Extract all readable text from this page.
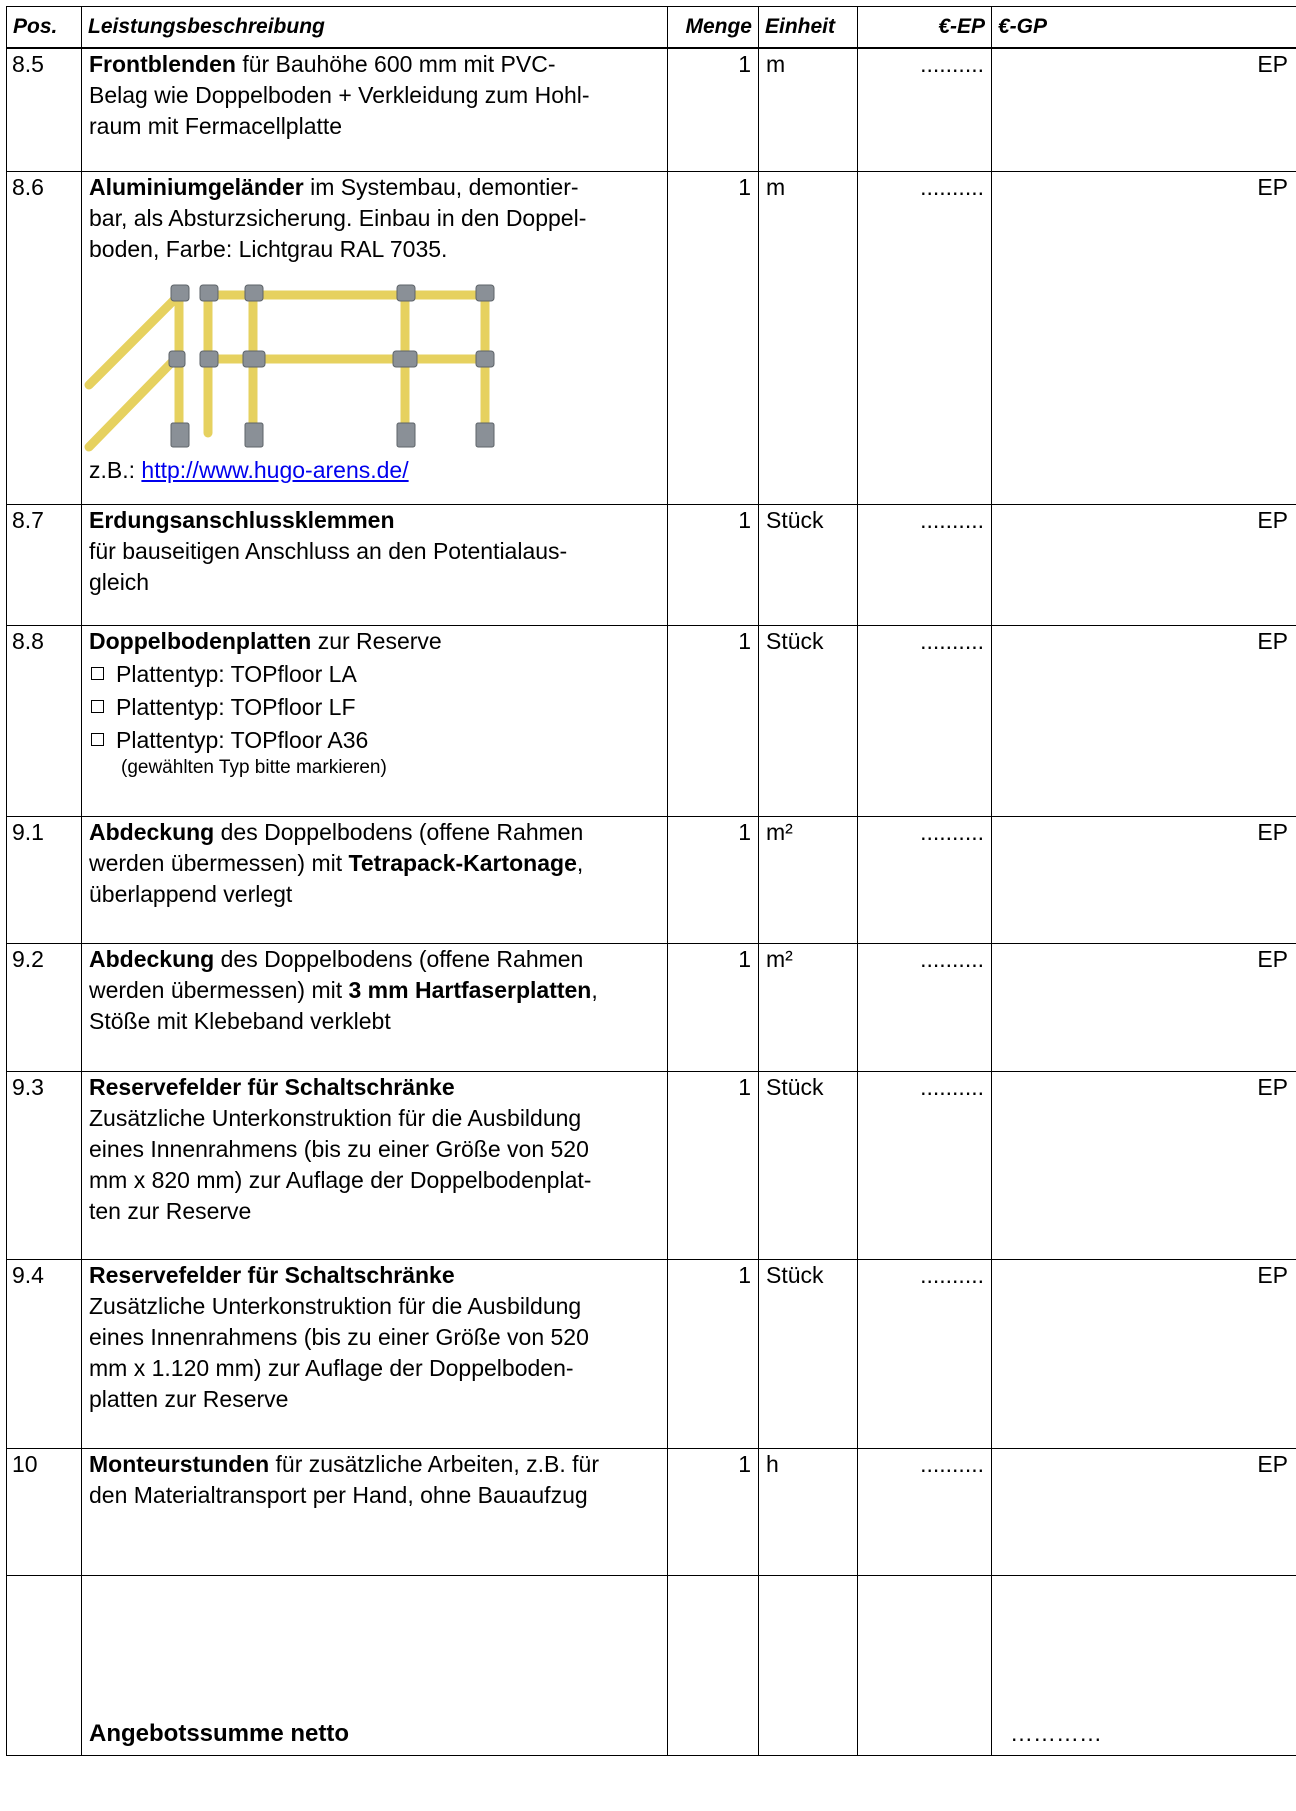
Pos.	Leistungsbeschreibung	Menge	Einheit	€-EP	€-GP
8.5	Frontblenden für Bauhöhe 600 mm mit PVC-
Belag wie Doppelboden + Verkleidung zum Hohl-
raum mit Fermacellplatte	1	m	..........	EP
8.6	Aluminiumgeländer im Systembau, demontier-
bar, als Absturzsicherung. Einbau in den Doppel-
boden, Farbe: Lichtgrau RAL 7035.
z.B.: http://www.hugo-arens.de/	1	m	..........	EP
8.7	Erdungsanschlussklemmen
für bauseitigen Anschluss an den Potentialaus-
gleich	1	Stück	..........	EP
8.8	Doppelbodenplatten zur Reserve
Plattentyp: TOPfloor LA
Plattentyp: TOPfloor LF
Plattentyp: TOPfloor A36
(gewählten Typ bitte markieren)	1	Stück	..........	EP
9.1	Abdeckung des Doppelbodens (offene Rahmen
werden übermessen) mit Tetrapack-Kartonage,
überlappend verlegt	1	m²	..........	EP
9.2	Abdeckung des Doppelbodens (offene Rahmen
werden übermessen) mit 3 mm Hartfaserplatten,
Stöße mit Klebeband verklebt	1	m²	..........	EP
9.3	Reservefelder für Schaltschränke
Zusätzliche Unterkonstruktion für die Ausbildung
eines Innenrahmens (bis zu einer Größe von 520
mm x 820 mm) zur Auflage der Doppelbodenplat-
ten zur Reserve	1	Stück	..........	EP
9.4	Reservefelder für Schaltschränke
Zusätzliche Unterkonstruktion für die Ausbildung
eines Innenrahmens (bis zu einer Größe von 520
mm x 1.120 mm) zur Auflage der Doppelboden-
platten zur Reserve	1	Stück	..........	EP
10	Monteurstunden für zusätzliche Arbeiten, z.B. für
den Materialtransport per Hand, ohne Bauaufzug	1	h	..........	EP
	Angebotssumme netto				…………
